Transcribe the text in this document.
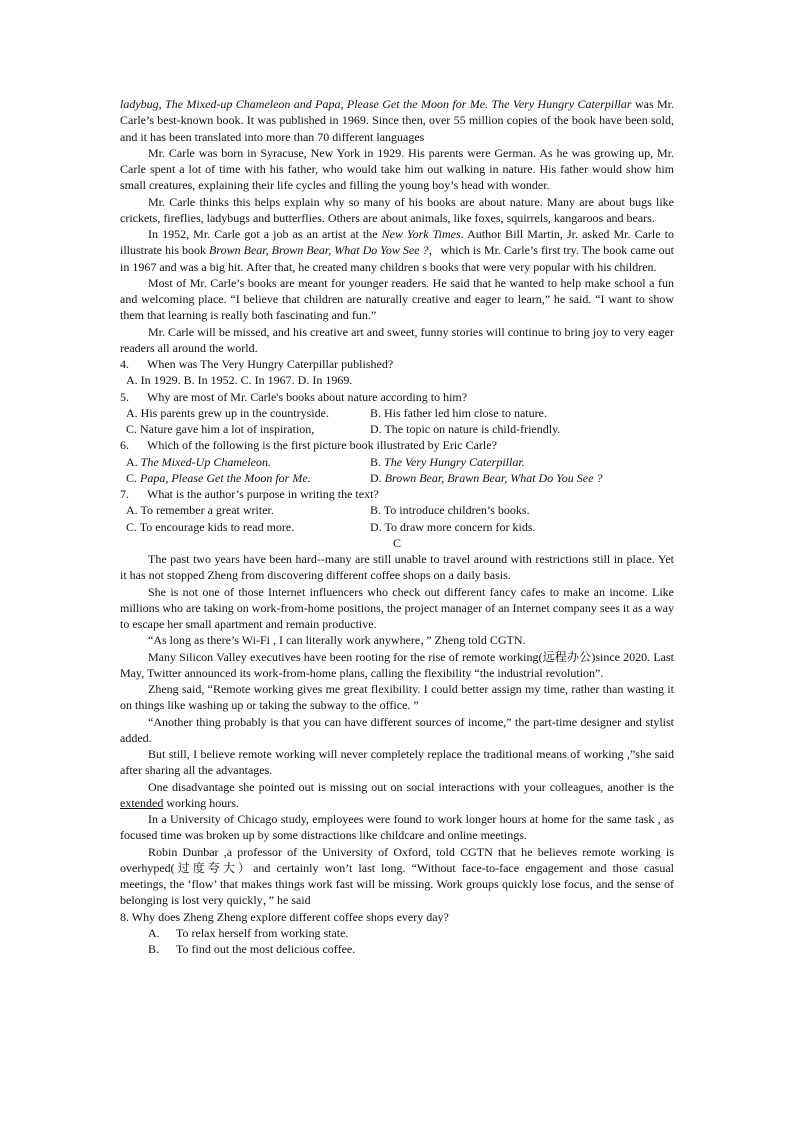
ladybug, The Mixed-up Chameleon and Papa, Please Get the Moon for Me. The Very Hungry Caterpillar was Mr. Carle’s best-known book. It was published in 1969. Since then, over 55 million copies of the book have been sold, and it has been translated into more than 70 different languages

Mr. Carle was born in Syracuse, New York in 1929. His parents were German. As he was growing up, Mr. Carle spent a lot of time with his father, who would take him out walking in nature. His father would show him small creatures, explaining their life cycles and filling the young boy’s head with wonder.

Mr. Carle thinks this helps explain why so many of his books are about nature. Many are about bugs like crickets, fireflies, ladybugs and butterflies. Others are about animals, like foxes, squirrels, kangaroos and bears.

In 1952, Mr. Carle got a job as an artist at the New York Times. Author Bill Martin, Jr. asked Mr. Carle to illustrate his book Brown Bear, Brown Bear, What Do Yow See ?，which is Mr. Carle’s first try. The book came out in 1967 and was a big hit. After that, he created many children s books that were very popular with his children.

Most of Mr. Carle’s books are meant for younger readers. He said that he wanted to help make school a fun and welcoming place. “I believe that children are naturally creative and eager to learn,” he said. “I want to show them that learning is really both fascinating and fun.”

Mr. Carle will be missed, and his creative art and sweet, funny stories will continue to bring joy to very eager readers all around the world.

4.	When was The Very Hungry Caterpillar published?
A. In 1929. B. In 1952. C. In 1967. D. In 1969.
5.	Why are most of Mr. Carle's books about nature according to him?
A. His parents grew up in the countryside.	B. His father led him close to nature.
C. Nature gave him a lot of inspiration,	D. The topic on nature is child-friendly.
6.	Which of the following is the first picture book illustrated by Eric Carle?
A. The Mixed-Up Chameleon.	B. The Very Hungry Caterpillar.
C. Papa, Please Get the Moon for Me.	D. Brown Bear, Brawn Bear, What Do You See ?
7.	What is the author’s purpose in writing the text?
A. To remember a great writer.	B. To introduce children’s books.
C. To encourage kids to read more.	D. To draw more concern for kids.
C

The past two years have been hard--many are still unable to travel around with restrictions still in place. Yet it has not stopped Zheng from discovering different coffee shops on a daily basis.

She is not one of those Internet influencers who check out different fancy cafes to make an income. Like millions who are taking on work-from-home positions, the project manager of an Internet company sees it as a way to escape her small apartment and remain productive.

“As long as there’s Wi-Fi , I can literally work anywhere，” Zheng told CGTN.

Many Silicon Valley executives have been rooting for the rise of remote working(远程办公)since 2020. Last May, Twitter announced its work-from-home plans, calling the flexibility “the industrial revolution”.

Zheng said, “Remote working gives me great flexibility. I could better assign my time, rather than wasting it on things like washing up or taking the subway to the office. ”

“Another thing probably is that you can have different sources of income,” the part-time designer and stylist added.

But still, I believe remote working will never completely replace the traditional means of working ,”she said after sharing all the advantages.

One disadvantage she pointed out is missing out on social interactions with your colleagues, another is the extended working hours.

In a University of Chicago study, employees were found to work longer hours at home for the same task , as focused time was broken up by some distractions like childcare and online meetings.

Robin Dunbar ,a professor of the University of Oxford, told CGTN that he believes remote working is overhyped(过度夸大）and certainly won’t last long. “Without face-to-face engagement and those casual meetings, the ‘flow’ that makes things work fast will be missing. Work groups quickly lose focus, and the sense of belonging is lost very quickly，” he said

8. Why does Zheng Zheng explore different coffee shops every day?
A. To relax herself from working state.
B. To find out the most delicious coffee.
